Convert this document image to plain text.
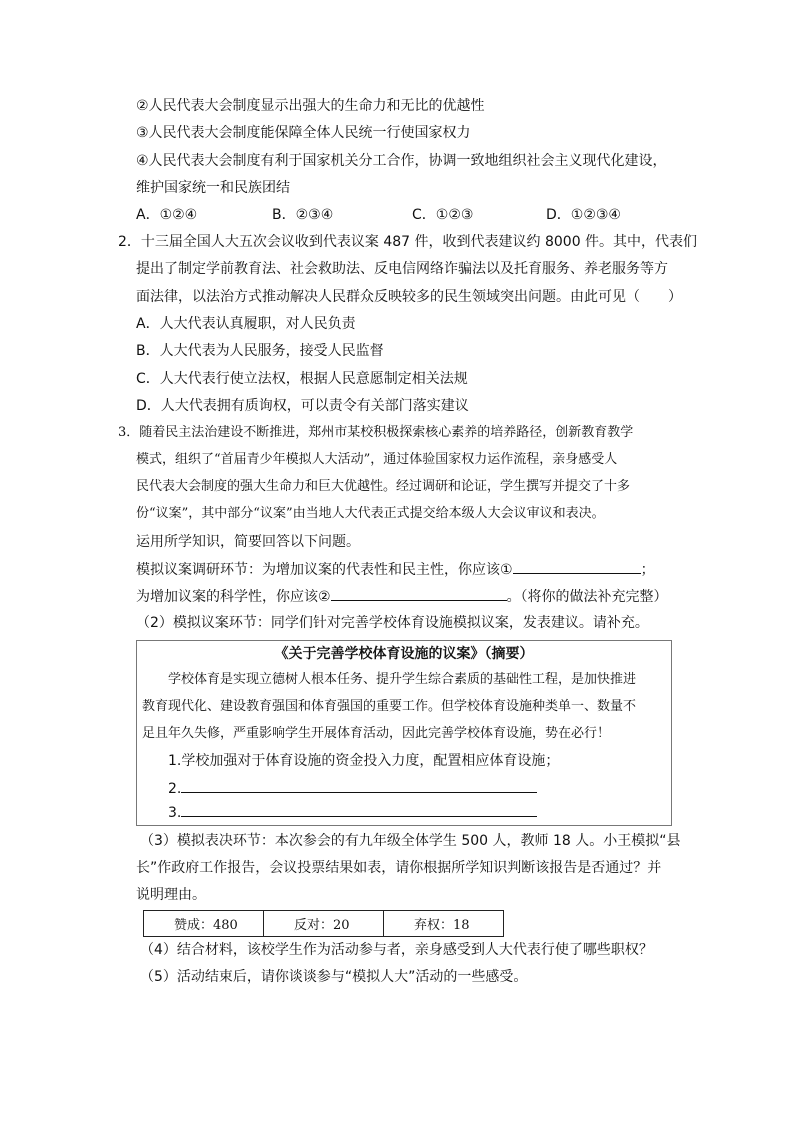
②人民代表大会制度显示出强大的生命力和无比的优越性
③人民代表大会制度能保障全体人民统一行使国家权力
④人民代表大会制度有利于国家机关分工合作，协调一致地组织社会主义现代化建设，
维护国家统一和民族团结
A．①②④	B．②③④	C．①②③	D．①②③④
2．十三届全国人大五次会议收到代表议案 487 件，收到代表建议约 8000 件。其中，代表们
提出了制定学前教育法、社会救助法、反电信网络诈骗法以及托育服务、养老服务等方
面法律，以法治方式推动解决人民群众反映较多的民生领域突出问题。由此可见（　　）
A．人大代表认真履职，对人民负责
B．人大代表为人民服务，接受人民监督
C．人大代表行使立法权，根据人民意愿制定相关法规
D．人大代表拥有质询权，可以责令有关部门落实建议
3．随着民主法治建设不断推进，郑州市某校积极探索核心素养的培养路径，创新教育教学
模式，组织了“首届青少年模拟人大活动”，通过体验国家权力运作流程，亲身感受人
民代表大会制度的强大生命力和巨大优越性。经过调研和论证，学生撰写并提交了十多
份“议案”，其中部分“议案”由当地人大代表正式提交给本级人大会议审议和表决。
运用所学知识，简要回答以下问题。
模拟议案调研环节：为增加议案的代表性和民主性，你应该①	；
为增加议案的科学性，你应该②	。（将你的做法补充完整）
（2）模拟议案环节：同学们针对完善学校体育设施模拟议案，发表建议。请补充。
《关于完善学校体育设施的议案》（摘要）
　　学校体育是实现立德树人根本任务、提升学生综合素质的基础性工程，是加快推进
教育现代化、建设教育强国和体育强国的重要工作。但学校体育设施种类单一、数量不
足且年久失修，严重影响学生开展体育活动，因此完善学校体育设施，势在必行！
1.学校加强对于体育设施的资金投入力度，配置相应体育设施；
2.
3.
（3）模拟表决环节：本次参会的有九年级全体学生 500 人，教师 18 人。小王模拟“县
长”作政府工作报告，会议投票结果如表，请你根据所学知识判断该报告是否通过？并
说明理由。
赞成：480	反对：20	弃权：18
（4）结合材料，该校学生作为活动参与者，亲身感受到人大代表行使了哪些职权？
（5）活动结束后，请你谈谈参与“模拟人大”活动的一些感受。
